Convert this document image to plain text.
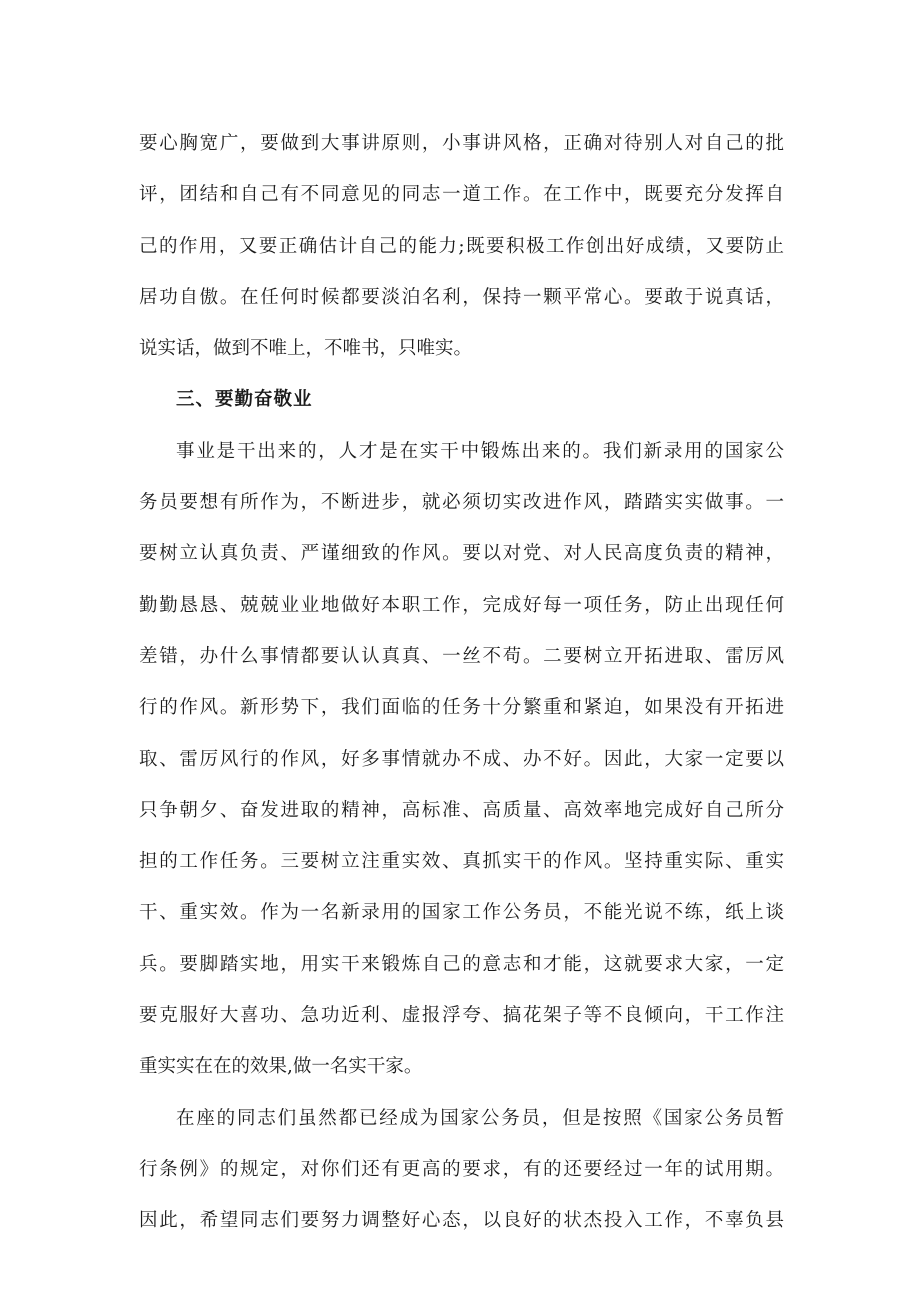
要心胸宽广，要做到大事讲原则，小事讲风格，正确对待别人对自己的批
评，团结和自己有不同意见的同志一道工作。在工作中，既要充分发挥自
己的作用，又要正确估计自己的能力;既要积极工作创出好成绩，又要防止
居功自傲。在任何时候都要淡泊名利，保持一颗平常心。要敢于说真话，
说实话，做到不唯上，不唯书，只唯实。
三、要勤奋敬业
事业是干出来的，人才是在实干中锻炼出来的。我们新录用的国家公
务员要想有所作为，不断进步，就必须切实改进作风，踏踏实实做事。一
要树立认真负责、严谨细致的作风。要以对党、对人民高度负责的精神，
勤勤恳恳、兢兢业业地做好本职工作，完成好每一项任务，防止出现任何
差错，办什么事情都要认认真真、一丝不苟。二要树立开拓进取、雷厉风
行的作风。新形势下，我们面临的任务十分繁重和紧迫，如果没有开拓进
取、雷厉风行的作风，好多事情就办不成、办不好。因此，大家一定要以
只争朝夕、奋发进取的精神，高标准、高质量、高效率地完成好自己所分
担的工作任务。三要树立注重实效、真抓实干的作风。坚持重实际、重实
干、重实效。作为一名新录用的国家工作公务员，不能光说不练，纸上谈
兵。要脚踏实地，用实干来锻炼自己的意志和才能，这就要求大家，一定
要克服好大喜功、急功近利、虚报浮夸、搞花架子等不良倾向，干工作注
重实实在在的效果,做一名实干家。
在座的同志们虽然都已经成为国家公务员，但是按照《国家公务员暂
行条例》的规定，对你们还有更高的要求，有的还要经过一年的试用期。
因此，希望同志们要努力调整好心态，以良好的状杰投入工作，不辜负县
